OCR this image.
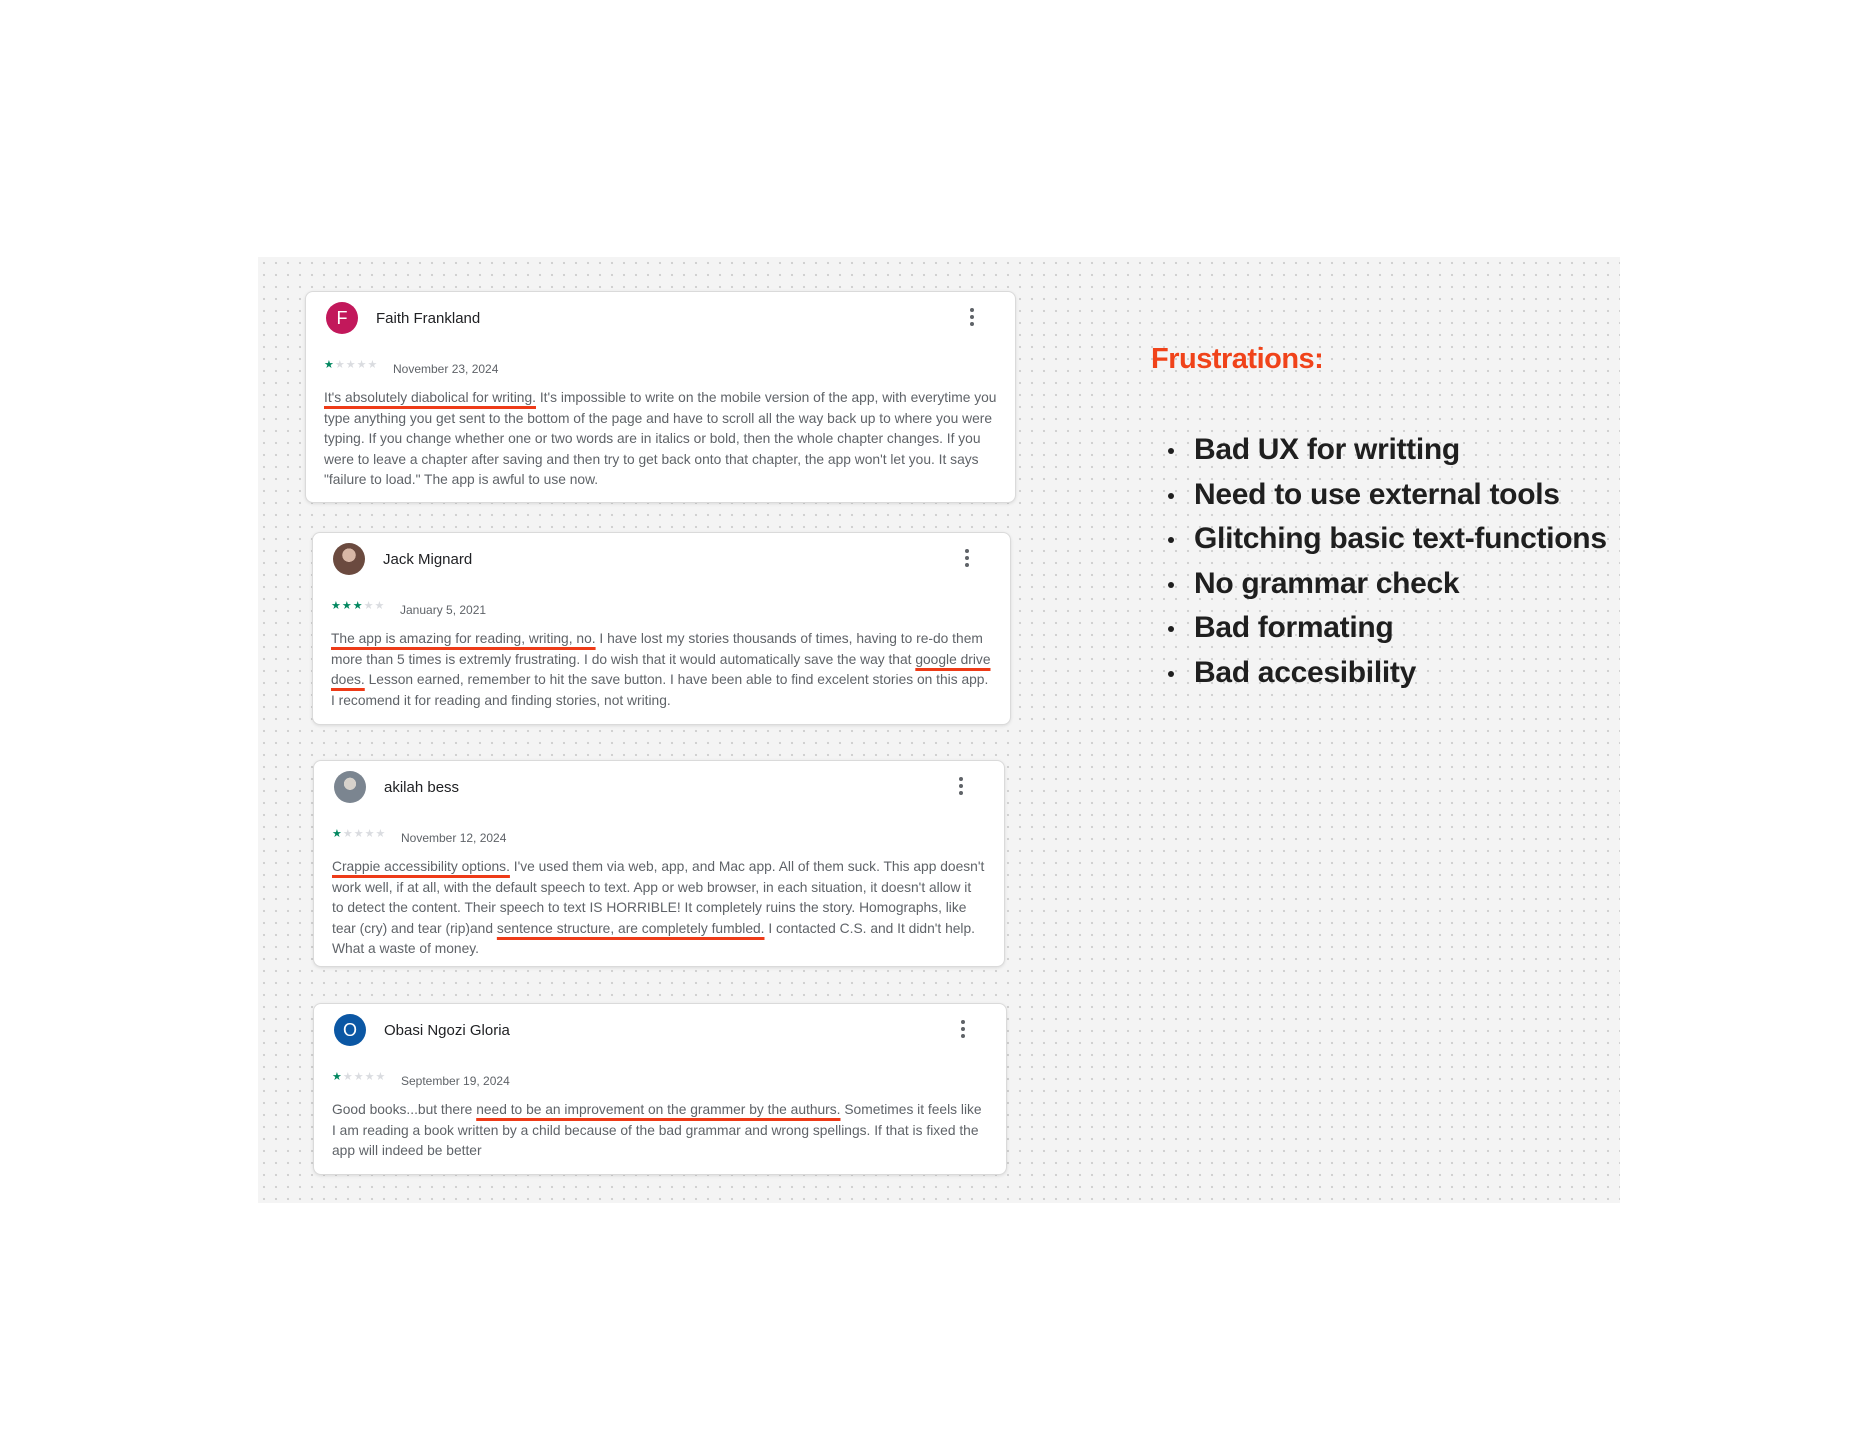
F	Faith Frankland
★★★★★ November 23, 2024
It's absolutely diabolical for writing. It's impossible to write on the mobile version of the app, with everytime you type anything you get sent to the bottom of the page and have to scroll all the way back up to where you were typing. If you change whether one or two words are in italics or bold, then the whole chapter changes. If you were to leave a chapter after saving and then try to get back onto that chapter, the app won't let you. It says "failure to load." The app is awful to use now.
Jack Mignard
★★★★★ January 5, 2021
The app is amazing for reading, writing, no. I have lost my stories thousands of times, having to re-do them more than 5 times is extremly frustrating. I do wish that it would automatically save the way that google drive does. Lesson earned, remember to hit the save button. I have been able to find excelent stories on this app. I recomend it for reading and finding stories, not writing.
akilah bess
★★★★★ November 12, 2024
Crappie accessibility options. I've used them via web, app, and Mac app. All of them suck. This app doesn't work well, if at all, with the default speech to text. App or web browser, in each situation, it doesn't allow it to detect the content. Their speech to text IS HORRIBLE! It completely ruins the story. Homographs, like tear (cry) and tear (rip)and sentence structure, are completely fumbled. I contacted C.S. and It didn't help. What a waste of money.
O	Obasi Ngozi Gloria
★★★★★ September 19, 2024
Good books...but there need to be an improvement on the grammer by the authurs. Sometimes it feels like I am reading a book written by a child because of the bad grammar and wrong spellings. If that is fixed the app will indeed be better
Frustrations:
Bad UX for writting
Need to use external tools
Glitching basic text-functions
No grammar check
Bad formating
Bad accesibility
